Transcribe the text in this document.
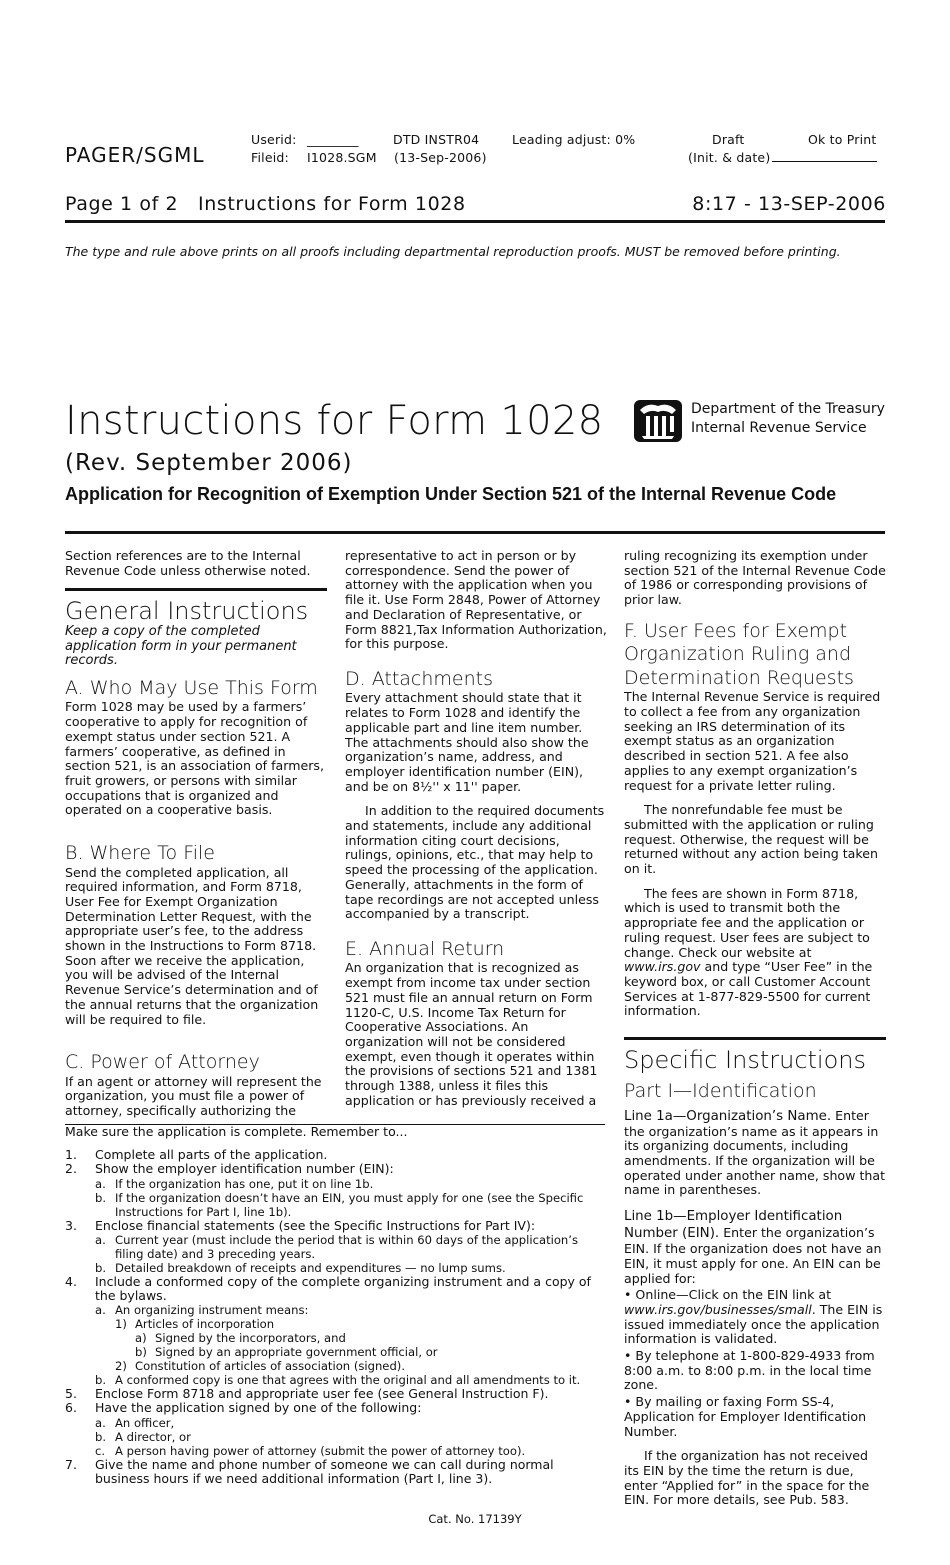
PAGER/SGML
Userid: ________
Fileid: I1028.SGM
DTD INSTR04
(13-Sep-2006)
Leading adjust: 0%	Draft
(Init. & date)
Ok to Print
Page 1 of 2 Instructions for Form 1028	8:17 - 13-SEP-2006
The type and rule above prints on all proofs including departmental reproduction proofs. MUST be removed before printing.
Instructions for Form 1028
(Rev. September 2006)
Application for Recognition of Exemption Under Section 521 of the Internal Revenue Code
Department of the Treasury
Internal Revenue Service

Section references are to the Internal Revenue Code unless otherwise noted.

General Instructions
Keep a copy of the completed application form in your permanent records.
A. Who May Use This Form

Form 1028 may be used by a farmers’ cooperative to apply for recognition of exempt status under section 521. A farmers’ cooperative, as defined in section 521, is an association of farmers, fruit growers, or persons with similar occupations that is organized and operated on a cooperative basis.

B. Where To File

Send the completed application, all required information, and Form 8718, User Fee for Exempt Organization Determination Letter Request, with the appropriate user’s fee, to the address shown in the Instructions to Form 8718. Soon after we receive the application, you will be advised of the Internal Revenue Service’s determination and of the annual returns that the organization will be required to file.

C. Power of Attorney

If an agent or attorney will represent the organization, you must file a power of attorney, specifically authorizing the

representative to act in person or by correspondence. Send the power of attorney with the application when you file it. Use Form 2848, Power of Attorney and Declaration of Representative, or Form 8821,Tax Information Authorization, for this purpose.

D. Attachments

Every attachment should state that it relates to Form 1028 and identify the applicable part and line item number. The attachments should also show the organization’s name, address, and employer identification number (EIN), and be on 8½'' x 11'' paper.

In addition to the required documents and statements, include any additional information citing court decisions, rulings, opinions, etc., that may help to speed the processing of the application. Generally, attachments in the form of tape recordings are not accepted unless accompanied by a transcript.

E. Annual Return

An organization that is recognized as exempt from income tax under section 521 must file an annual return on Form 1120-C, U.S. Income Tax Return for Cooperative Associations. An organization will not be considered exempt, even though it operates within the provisions of sections 521 and 1381 through 1388, unless it files this application or has previously received a

Make sure the application is complete. Remember to...
1.	Complete all parts of the application.
2.	Show the employer identification number (EIN):
a. If the organization has one, put it on line 1b.
b. If the organization doesn’t have an EIN, you must apply for one (see the Specific Instructions for Part I, line 1b).
3.	Enclose financial statements (see the Specific Instructions for Part IV):
a. Current year (must include the period that is within 60 days of the application’s filing date) and 3 preceding years.
b. Detailed breakdown of receipts and expenditures — no lump sums.
4.	Include a conformed copy of the complete organizing instrument and a copy of the bylaws.
a. An organizing instrument means:
1) Articles of incorporation
a) Signed by the incorporators, and
b) Signed by an appropriate government official, or
2) Constitution of articles of association (signed).
b. A conformed copy is one that agrees with the original and all amendments to it.
5.	Enclose Form 8718 and appropriate user fee (see General Instruction F).
6.	Have the application signed by one of the following:
a. An officer,
b. A director, or
c. A person having power of attorney (submit the power of attorney too).
7.	Give the name and phone number of someone we can call during normal business hours if we need additional information (Part I, line 3).

ruling recognizing its exemption under section 521 of the Internal Revenue Code of 1986 or corresponding provisions of prior law.

F. User Fees for Exempt Organization Ruling and Determination Requests

The Internal Revenue Service is required to collect a fee from any organization seeking an IRS determination of its exempt status as an organization described in section 521. A fee also applies to any exempt organization’s request for a private letter ruling.

The nonrefundable fee must be submitted with the application or ruling request. Otherwise, the request will be returned without any action being taken on it.

The fees are shown in Form 8718, which is used to transmit both the appropriate fee and the application or ruling request. User fees are subject to change. Check our website at www.irs.gov and type “User Fee” in the keyword box, or call Customer Account Services at 1-877-829-5500 for current information.

Specific Instructions
Part I—Identification

Line 1a—Organization’s Name. Enter the organization’s name as it appears in its organizing documents, including amendments. If the organization will be operated under another name, show that name in parentheses.

Line 1b—Employer Identification Number (EIN). Enter the organization’s EIN. If the organization does not have an EIN, it must apply for one. An EIN can be applied for:

• Online—Click on the EIN link at www.irs.gov/businesses/small. The EIN is issued immediately once the application information is validated.

• By telephone at 1-800-829-4933 from 8:00 a.m. to 8:00 p.m. in the local time zone.

• By mailing or faxing Form SS-4, Application for Employer Identification Number.

If the organization has not received its EIN by the time the return is due, enter “Applied for” in the space for the EIN. For more details, see Pub. 583.

Cat. No. 17139Y
